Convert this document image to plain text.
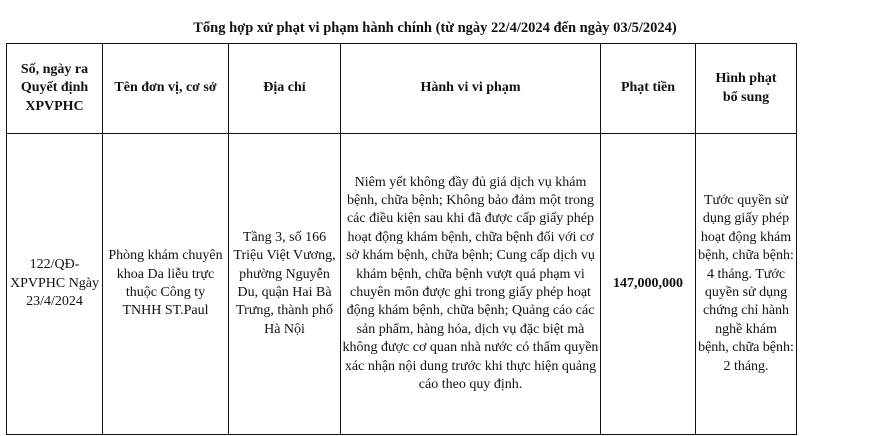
Tổng hợp xử phạt vi phạm hành chính (từ ngày 22/4/2024 đến ngày 03/5/2024)
Số, ngày ra Quyết định XPVPHC	Tên đơn vị, cơ sở	Địa chỉ	Hành vi vi phạm	Phạt tiền	Hình phạt bổ sung
122/QĐ-XPVPHC Ngày 23/4/2024	Phòng khám chuyên khoa Da liễu trực thuộc Công ty TNHH ST.Paul	Tầng 3, số 166 Triệu Việt Vương, phường Nguyễn Du, quận Hai Bà Trưng, thành phố Hà Nội	Niêm yết không đầy đủ giá dịch vụ khám bệnh, chữa bệnh; Không bảo đảm một trong các điều kiện sau khi đã được cấp giấy phép hoạt động khám bệnh, chữa bệnh đối với cơ sở khám bệnh, chữa bệnh; Cung cấp dịch vụ khám bệnh, chữa bệnh vượt quá phạm vi chuyên môn được ghi trong giấy phép hoạt động khám bệnh, chữa bệnh; Quảng cáo các sản phẩm, hàng hóa, dịch vụ đặc biệt mà không được cơ quan nhà nước có thẩm quyền xác nhận nội dung trước khi thực hiện quảng cáo theo quy định.	147,000,000	Tước quyền sử dụng giấy phép hoạt động khám bệnh, chữa bệnh: 4 tháng. Tước quyền sử dụng chứng chỉ hành nghề khám bệnh, chữa bệnh: 2 tháng.
